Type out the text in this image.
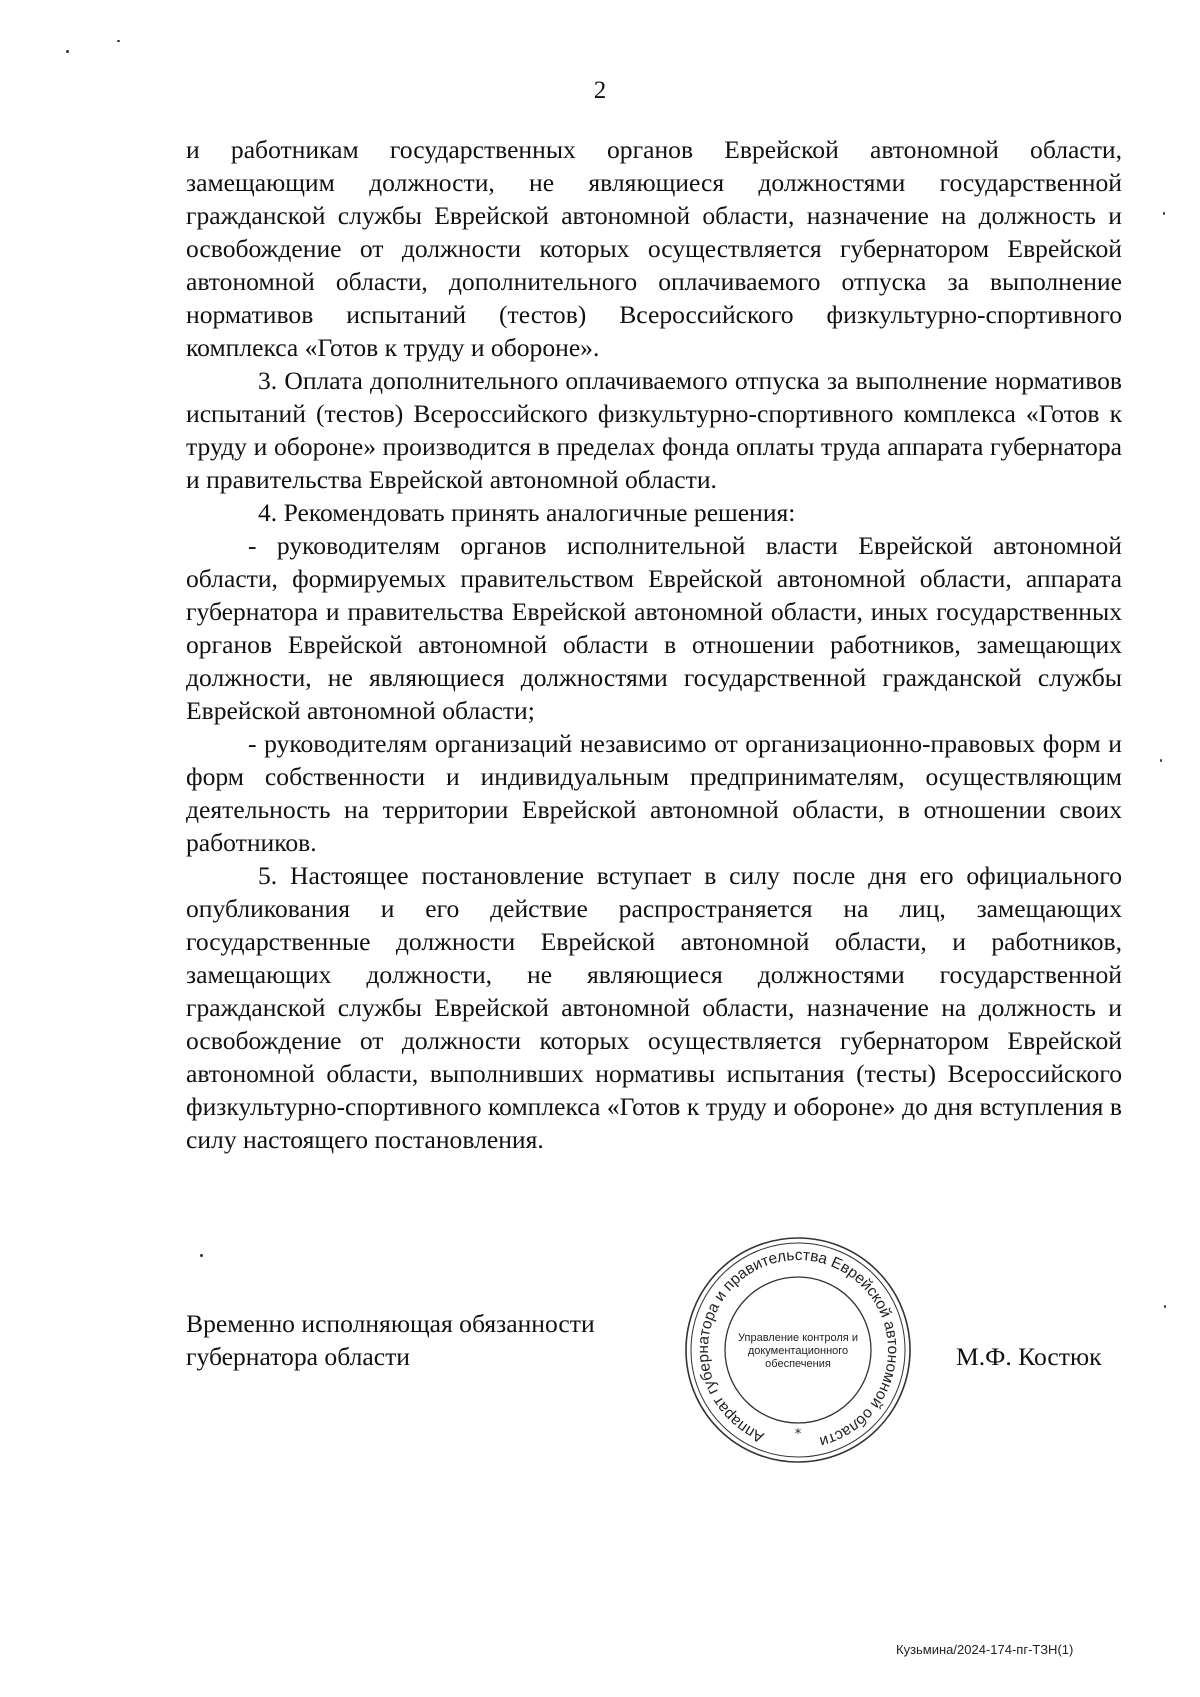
2

и работникам государственных органов Еврейской автономной области, замещающим должности, не являющиеся должностями государственной гражданской службы Еврейской автономной области, назначение на должность и освобождение от должности которых осуществляется губернатором Еврейской автономной области, дополнительного оплачиваемого отпуска за выполнение нормативов испытаний (тестов) Всероссийского физкультурно-спортивного комплекса «Готов к труду и обороне».

3. Оплата дополнительного оплачиваемого отпуска за выполнение нормативов испытаний (тестов) Всероссийского физкультурно-спортивного комплекса «Готов к труду и обороне» производится в пределах фонда оплаты труда аппарата губернатора и правительства Еврейской автономной области.

4. Рекомендовать принять аналогичные решения:

- руководителям органов исполнительной власти Еврейской автономной области, формируемых правительством Еврейской автономной области, аппарата губернатора и правительства Еврейской автономной области, иных государственных органов Еврейской автономной области в отношении работников, замещающих должности, не являющиеся должностями государственной гражданской службы Еврейской автономной области;

- руководителям организаций независимо от организационно-правовых форм и форм собственности и индивидуальным предпринимателям, осуществляющим деятельность на территории Еврейской автономной области, в отношении своих работников.

5. Настоящее постановление вступает в силу после дня его официального опубликования и его действие распространяется на лиц, замещающих государственные должности Еврейской автономной области, и работников, замещающих должности, не являющиеся должностями государственной гражданской службы Еврейской автономной области, назначение на должность и освобождение от должности которых осуществляется губернатором Еврейской автономной области, выполнивших нормативы испытания (тесты) Всероссийского физкультурно-спортивного комплекса «Готов к труду и обороне» до дня вступления в силу настоящего постановления.

Временно исполняющая обязанности
губернатора области	М.Ф. Костюк
Аппарат губернатора и правительства Еврейской автономной области
Управление контроля и
документационного
обеспечения
*
Кузьмина/2024-174-пг-ТЗН(1)
